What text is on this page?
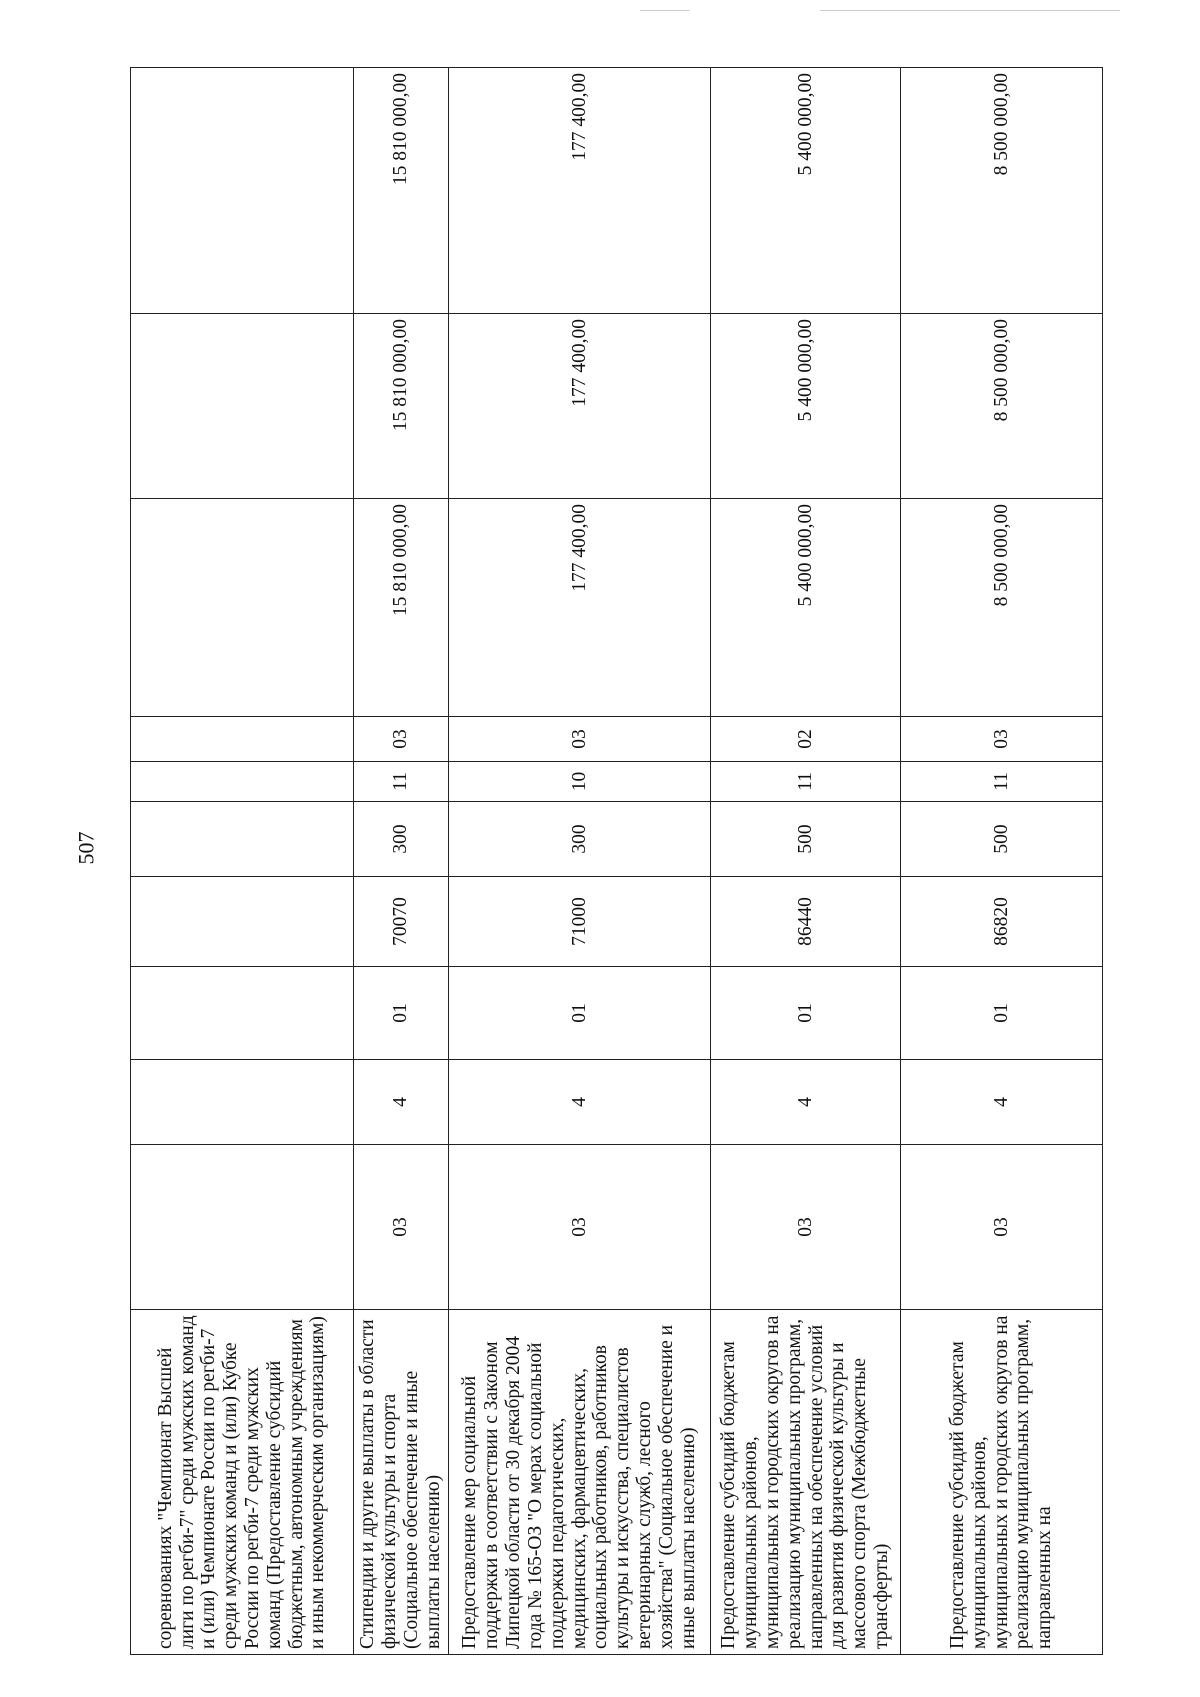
507
соревнованиях "Чемпионат Высшей лиги по регби-7" среди мужских команд и (или) Чемпионате России по регби-7 среди мужских команд и (или) Кубке России по регби-7 среди мужских команд (Предоставление субсидий бюджетным, автономным учреждениям и иным некоммерческим организациям)										
Стипендии и другие выплаты в области физической культуры и спорта (Социальное обеспечение и иные выплаты населению)	03	4	01	70070	300	11	03	15 810 000,00	15 810 000,00	15 810 000,00
Предоставление мер социальной поддержки в соответствии с Законом Липецкой области от 30 декабря 2004 года № 165-ОЗ "О мерах социальной поддержки педагогических, медицинских, фармацевтических, социальных работников, работников культуры и искусства, специалистов ветеринарных служб, лесного хозяйства" (Социальное обеспечение и иные выплаты населению)	03	4	01	71000	300	10	03	177 400,00	177 400,00	177 400,00
Предоставление субсидий бюджетам муниципальных районов, муниципальных и городских округов на реализацию муниципальных программ, направленных на обеспечение условий для развития физической культуры и массового спорта (Межбюджетные трансферты)	03	4	01	86440	500	11	02	5 400 000,00	5 400 000,00	5 400 000,00
Предоставление субсидий бюджетам муниципальных районов, муниципальных и городских округов на реализацию муниципальных программ, направленных на	03	4	01	86820	500	11	03	8 500 000,00	8 500 000,00	8 500 000,00
